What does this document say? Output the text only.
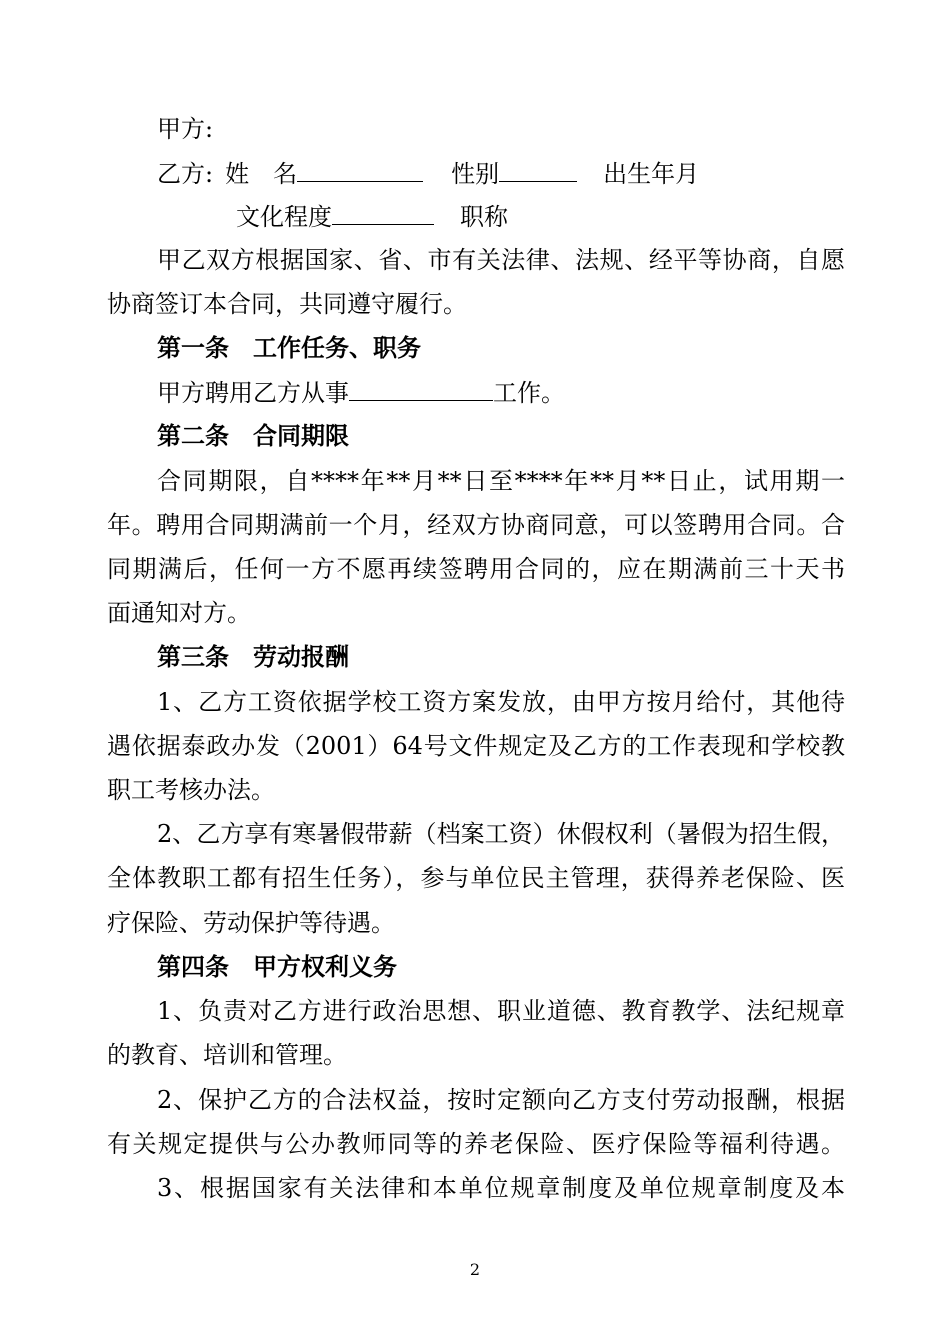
甲方:
乙方: 姓　名	性别	出生年月
文化程度	职称
甲乙双方根据国家、省、市有关法律、法规、经平等协商，自愿
协商签订本合同，共同遵守履行。
第一条　工作任务、职务
甲方聘用乙方从事	工作。
第二条　合同期限
合同期限，自****年**月**日至****年**月**日止，试用期一
年。聘用合同期满前一个月，经双方协商同意，可以签聘用合同。合
同期满后，任何一方不愿再续签聘用合同的，应在期满前三十天书
面通知对方。
第三条　劳动报酬
1、乙方工资依据学校工资方案发放，由甲方按月给付，其他待
遇依据泰政办发（2001）64号文件规定及乙方的工作表现和学校教
职工考核办法。
2、乙方享有寒暑假带薪（档案工资）休假权利（暑假为招生假，
全体教职工都有招生任务），参与单位民主管理，获得养老保险、医
疗保险、劳动保护等待遇。
第四条　甲方权利义务
1、负责对乙方进行政治思想、职业道德、教育教学、法纪规章
的教育、培训和管理。
2、保护乙方的合法权益，按时定额向乙方支付劳动报酬，根据
有关规定提供与公办教师同等的养老保险、医疗保险等福利待遇。
3、根据国家有关法律和本单位规章制度及单位规章制度及本
2
